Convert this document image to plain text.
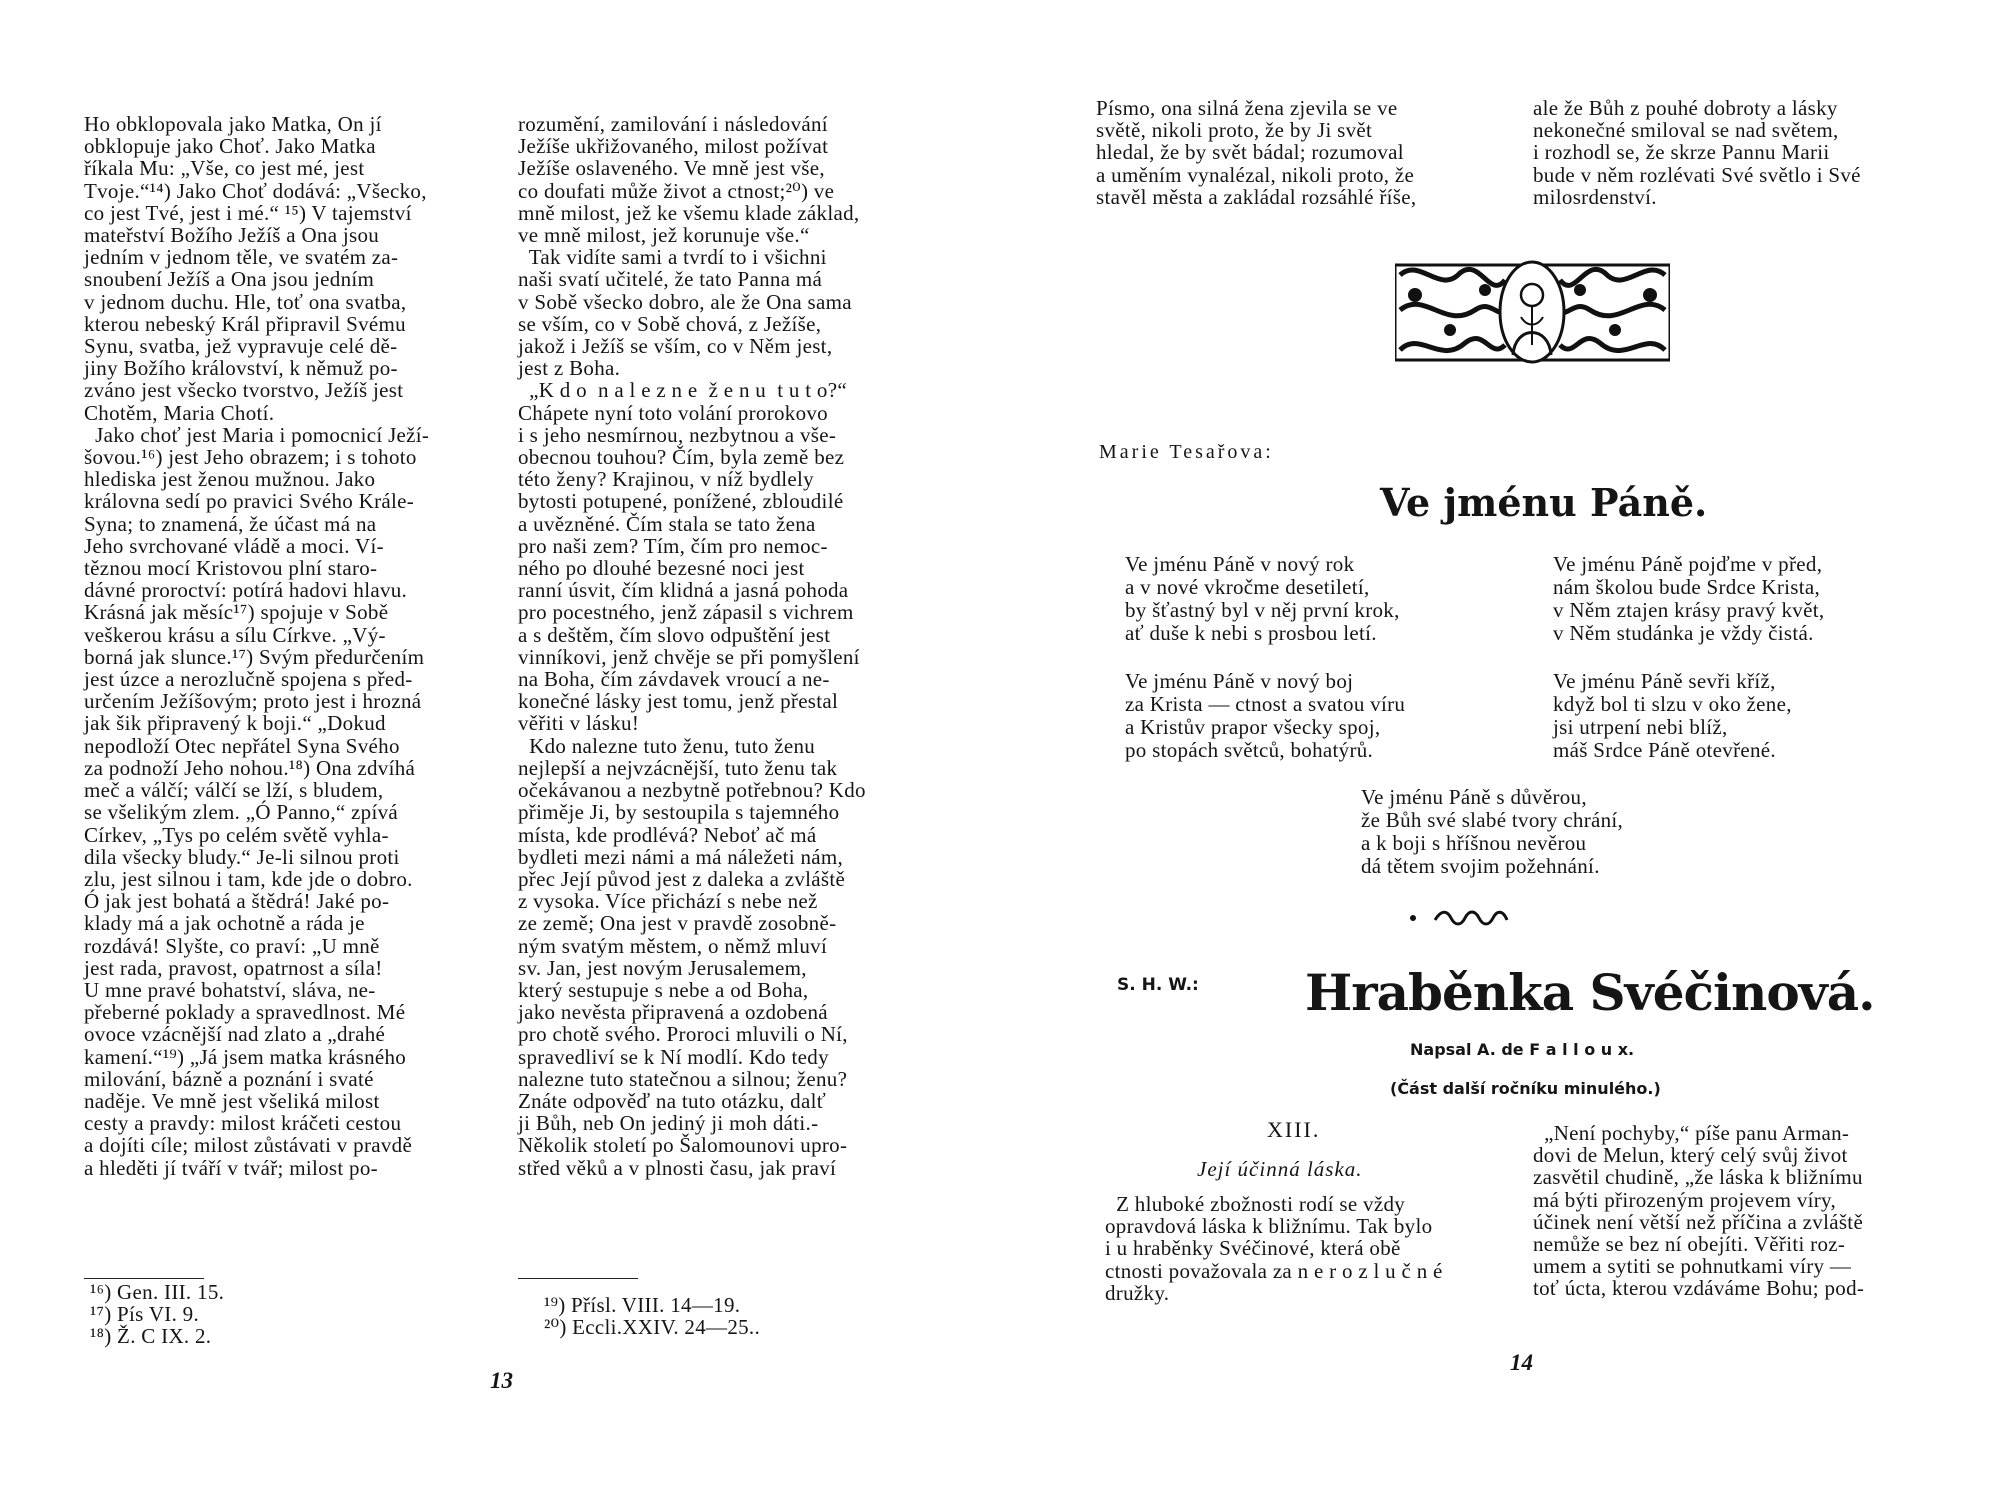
Ho obklopovala jako Matka, On jí

obklopuje jako Choť. Jako Matka

říkala Mu: „Vše, co jest mé, jest

Tvoje.“¹⁴) Jako Choť dodává: „Všecko,

co jest Tvé, jest i mé.“ ¹⁵) V tajemství

mateřství Božího Ježíš a Ona jsou

jedním v jednom těle, ve svatém za-

snoubení Ježíš a Ona jsou jedním

v jednom duchu. Hle, toť ona svatba,

kterou nebeský Král připravil Svému

Synu, svatba, jež vypravuje celé dě-

jiny Božího království, k němuž po-

zváno jest všecko tvorstvo, Ježíš jest

Chotěm, Maria Chotí.

Jako choť jest Maria i pomocnicí Ježí-

šovou.¹⁶) jest Jeho obrazem; i s tohoto

hlediska jest ženou mužnou. Jako

královna sedí po pravici Svého Krále-

Syna; to znamená, že účast má na

Jeho svrchované vládě a moci. Ví-

těznou mocí Kristovou plní staro-

dávné proroctví: potírá hadovi hlavu.

Krásná jak měsíc¹⁷) spojuje v Sobě

veškerou krásu a sílu Církve. „Vý-

borná jak slunce.¹⁷) Svým předurčením

jest úzce a nerozlučně spojena s před-

určením Ježíšovým; proto jest i hrozná

jak šik připravený k boji.“ „Dokud

nepodloží Otec nepřátel Syna Svého

za podnoží Jeho nohou.¹⁸) Ona zdvíhá

meč a válčí; válčí se lží, s bludem,

se všelikým zlem. „Ó Panno,“ zpívá

Církev, „Tys po celém světě vyhla-

dila všecky bludy.“ Je-li silnou proti

zlu, jest silnou i tam, kde jde o dobro.

Ó jak jest bohatá a štědrá! Jaké po-

klady má a jak ochotně a ráda je

rozdává! Slyšte, co praví: „U mně

jest rada, pravost, opatrnost a síla!

U mne pravé bohatství, sláva, ne-

přeberné poklady a spravedlnost. Mé

ovoce vzácnější nad zlato a „drahé

kamení.“¹⁹) „Já jsem matka krásného

milování, bázně a poznání i svaté

naděje. Ve mně jest všeliká milost

cesty a pravdy: milost kráčeti cestou

a dojíti cíle; milost zůstávati v pravdě

a hleděti jí tváří v tvář; milost po-

¹⁶) Gen. III. 15.

¹⁷) Pís VI. 9.

¹⁸) Ž. C IX. 2.

rozumění, zamilování i následování

Ježíše ukřižovaného, milost požívat

Ježíše oslaveného. Ve mně jest vše,

co doufati může život a ctnost;²⁰) ve

mně milost, jež ke všemu klade základ,

ve mně milost, jež korunuje vše.“

Tak vidíte sami a tvrdí to i všichni

naši svatí učitelé, že tato Panna má

v Sobě všecko dobro, ale že Ona sama

se vším, co v Sobě chová, z Ježíše,

jakož i Ježíš se vším, co v Něm jest,

jest z Boha.

„K d o  n a l e z n e  ž e n u  t u t o?“

Chápete nyní toto volání prorokovo

i s jeho nesmírnou, nezbytnou a vše-

obecnou touhou? Čím, byla země bez

této ženy? Krajinou, v níž bydlely

bytosti potupené, ponížené, zbloudilé

a uvězněné. Čím stala se tato žena

pro naši zem? Tím, čím pro nemoc-

ného po dlouhé bezesné noci jest

ranní úsvit, čím klidná a jasná pohoda

pro pocestného, jenž zápasil s vichrem

a s deštěm, čím slovo odpuštění jest

vinníkovi, jenž chvěje se při pomyšlení

na Boha, čím závdavek vroucí a ne-

konečné lásky jest tomu, jenž přestal

věřiti v lásku!

Kdo nalezne tuto ženu, tuto ženu

nejlepší a nejvzácnější, tuto ženu tak

očekávanou a nezbytně potřebnou? Kdo

přiměje Ji, by sestoupila s tajemného

místa, kde prodlévá? Neboť ač má

bydleti mezi námi a má náležeti nám,

přec Její původ jest z daleka a zvláště

z vysoka. Více přichází s nebe než

ze země; Ona jest v pravdě zosobně-

ným svatým městem, o němž mluví

sv. Jan, jest novým Jerusalemem,

který sestupuje s nebe a od Boha,

jako nevěsta připravená a ozdobená

pro chotě svého. Proroci mluvili o Ní,

spravedliví se k Ní modlí. Kdo tedy

nalezne tuto statečnou a silnou; ženu?

Znáte odpověď na tuto otázku, dalť

ji Bůh, neb On jediný ji moh dáti.-

Několik století po Šalomounovi upro-

střed věků a v plnosti času, jak praví

¹⁹) Přísl. VIII. 14—19.

²⁰) Eccli.XXIV. 24—25..

13

Písmo, ona silná žena zjevila se ve

světě, nikoli proto, že by Ji svět

hledal, že by svět bádal; rozumoval

a uměním vynalézal, nikoli proto, že

stavěl města a zakládal rozsáhlé říše,

ale že Bůh z pouhé dobroty a lásky

nekonečné smiloval se nad světem,

i rozhodl se, že skrze Pannu Marii

bude v něm rozlévati Své světlo i Své

milosrdenství.

Marie Tesařova:
Ve jménu Páně.

Ve jménu Páně v nový rok

a v nové vkročme desetiletí,

by šťastný byl v něj první krok,

ať duše k nebi s prosbou letí.

Ve jménu Páně pojďme v před,

nám školou bude Srdce Krista,

v Něm ztajen krásy pravý květ,

v Něm studánka je vždy čistá.

Ve jménu Páně v nový boj

za Krista — ctnost a svatou víru

a Kristův prapor všecky spoj,

po stopách světců, bohatýrů.

Ve jménu Páně sevři kříž,

když bol ti slzu v oko žene,

jsi utrpení nebi blíž,

máš Srdce Páně otevřené.

Ve jménu Páně s důvěrou,

že Bůh své slabé tvory chrání,

a k boji s hříšnou nevěrou

dá tětem svojim požehnání.

S. H. W.: Hraběnka Svéčinová.
Napsal A. de F a l l o u x.
(Část další ročníku minulého.)
XIII.
Její účinná láska.

Z hluboké zbožnosti rodí se vždy

opravdová láska k bližnímu. Tak bylo

i u hraběnky Svéčinové, která obě

ctnosti považovala za n e r o z l u č n é

družky.

„Není pochyby,“ píše panu Arman-

dovi de Melun, který celý svůj život

zasvětil chudině, „že láska k bližnímu

má býti přirozeným projevem víry,

účinek není větší než příčina a zvláště

nemůže se bez ní obejíti. Věřiti roz-

umem a sytiti se pohnutkami víry —

toť úcta, kterou vzdáváme Bohu; pod-

14
